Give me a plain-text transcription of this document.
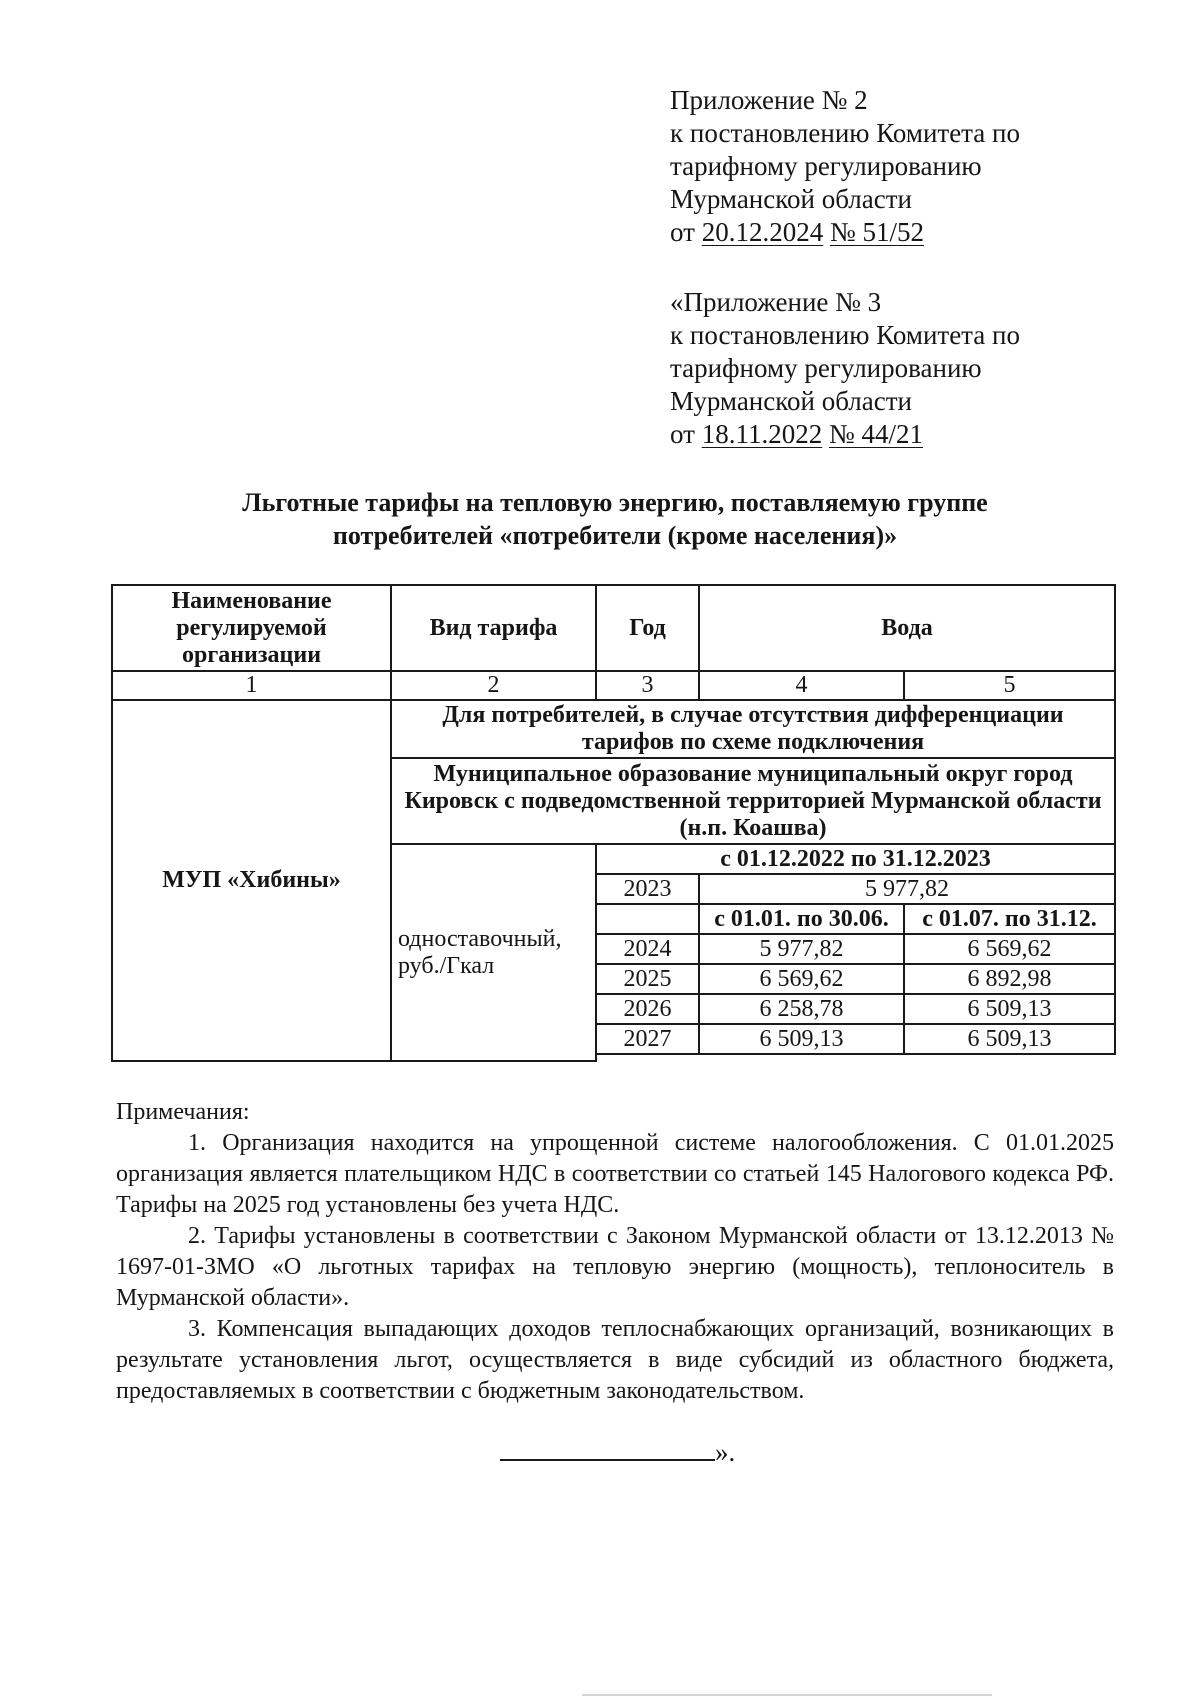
Приложение № 2
к постановлению Комитета по
тарифному регулированию
Мурманской области
от 20.12.2024 № 51/52
«Приложение № 3
к постановлению Комитета по
тарифному регулированию
Мурманской области
от 18.11.2022 № 44/21
Льготные тарифы на тепловую энергию, поставляемую группе
потребителей «потребители (кроме населения)»
Наименование регулируемой организации	Вид тарифа	Год	Вода	
1	2	3	4	5
МУП «Хибины»	Для потребителей, в случае отсутствия дифференциации тарифов по схеме подключения			
	Муниципальное образование муниципальный округ город Кировск с подведомственной территорией Мурманской области (н.п. Коашва)			
	одноставочный, руб./Гкал	с 01.12.2022 по 31.12.2023		
		2023	5 977,82	
			с 01.01. по 30.06.	с 01.07. по 31.12.
		2024	5 977,82	6 569,62
		2025	6 569,62	6 892,98
		2026	6 258,78	6 509,13
		2027	6 509,13	6 509,13

Примечания:

1. Организация находится на упрощенной системе налогообложения. С 01.01.2025 организация является плательщиком НДС в соответствии со статьей 145 Налогового кодекса РФ. Тарифы на 2025 год установлены без учета НДС.

2. Тарифы установлены в соответствии с Законом Мурманской области от 13.12.2013 № 1697-01-ЗМО «О льготных тарифах на тепловую энергию (мощность), теплоноситель в Мурманской области».

3. Компенсация выпадающих доходов теплоснабжающих организаций, возникающих в результате установления льгот, осуществляется в виде субсидий из областного бюджета, предоставляемых в соответствии с бюджетным законодательством.

».
